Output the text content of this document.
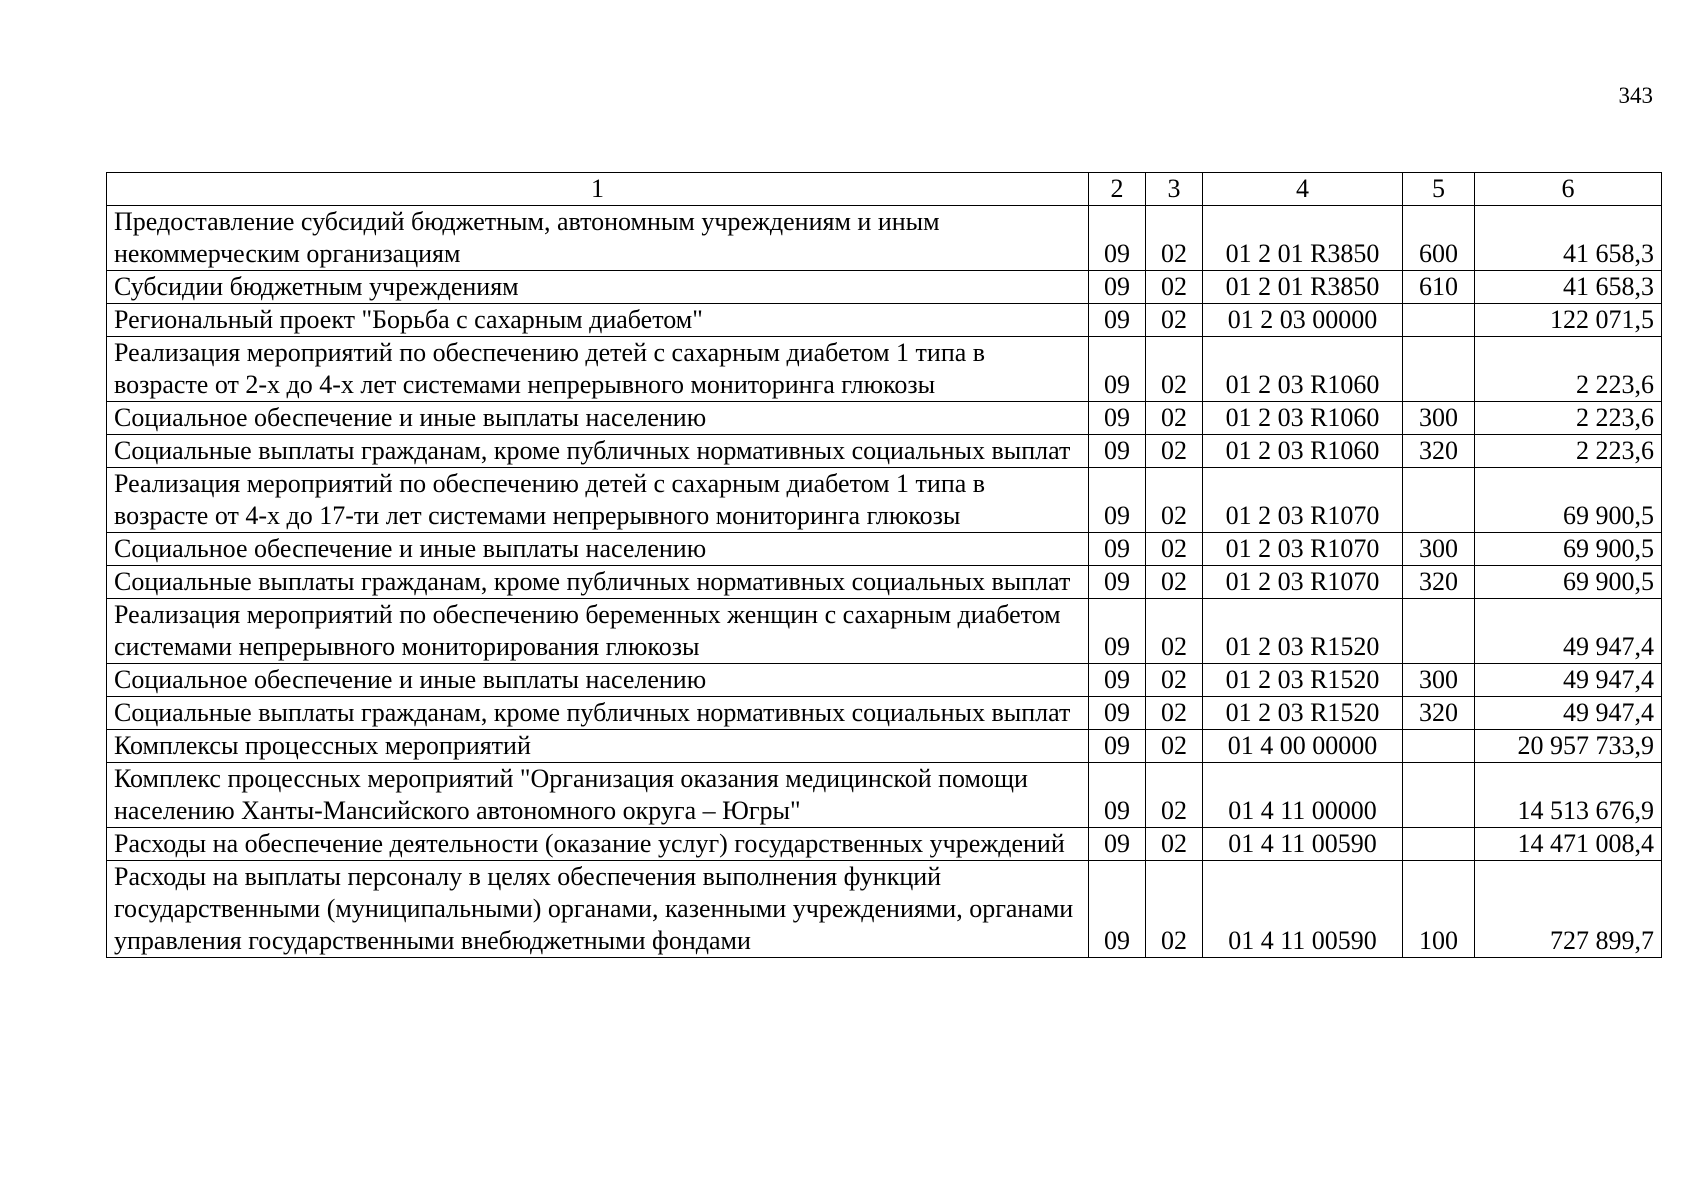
343
1	2	3	4	5	6
Предоставление субсидий бюджетным, автономным учреждениям и иным некоммерческим организациям	09	02	01 2 01 R3850	600	41 658,3
Субсидии бюджетным учреждениям	09	02	01 2 01 R3850	610	41 658,3
Региональный проект "Борьба с сахарным диабетом"	09	02	01 2 03 00000		122 071,5
Реализация мероприятий по обеспечению детей с сахарным диабетом 1 типа в возрасте от 2-х до 4-х лет системами непрерывного мониторинга глюкозы	09	02	01 2 03 R1060		2 223,6
Социальное обеспечение и иные выплаты населению	09	02	01 2 03 R1060	300	2 223,6
Социальные выплаты гражданам, кроме публичных нормативных социальных выплат	09	02	01 2 03 R1060	320	2 223,6
Реализация мероприятий по обеспечению детей с сахарным диабетом 1 типа в возрасте от 4-х до 17-ти лет системами непрерывного мониторинга глюкозы	09	02	01 2 03 R1070		69 900,5
Социальное обеспечение и иные выплаты населению	09	02	01 2 03 R1070	300	69 900,5
Социальные выплаты гражданам, кроме публичных нормативных социальных выплат	09	02	01 2 03 R1070	320	69 900,5
Реализация мероприятий по обеспечению беременных женщин с сахарным диабетом системами непрерывного мониторирования глюкозы	09	02	01 2 03 R1520		49 947,4
Социальное обеспечение и иные выплаты населению	09	02	01 2 03 R1520	300	49 947,4
Социальные выплаты гражданам, кроме публичных нормативных социальных выплат	09	02	01 2 03 R1520	320	49 947,4
Комплексы процессных мероприятий	09	02	01 4 00 00000		20 957 733,9
Комплекс процессных мероприятий "Организация оказания медицинской помощи населению Ханты-Мансийского автономного округа – Югры"	09	02	01 4 11 00000		14 513 676,9
Расходы на обеспечение деятельности (оказание услуг) государственных учреждений	09	02	01 4 11 00590		14 471 008,4
Расходы на выплаты персоналу в целях обеспечения выполнения функций государственными (муниципальными) органами, казенными учреждениями, органами управления государственными внебюджетными фондами	09	02	01 4 11 00590	100	727 899,7
